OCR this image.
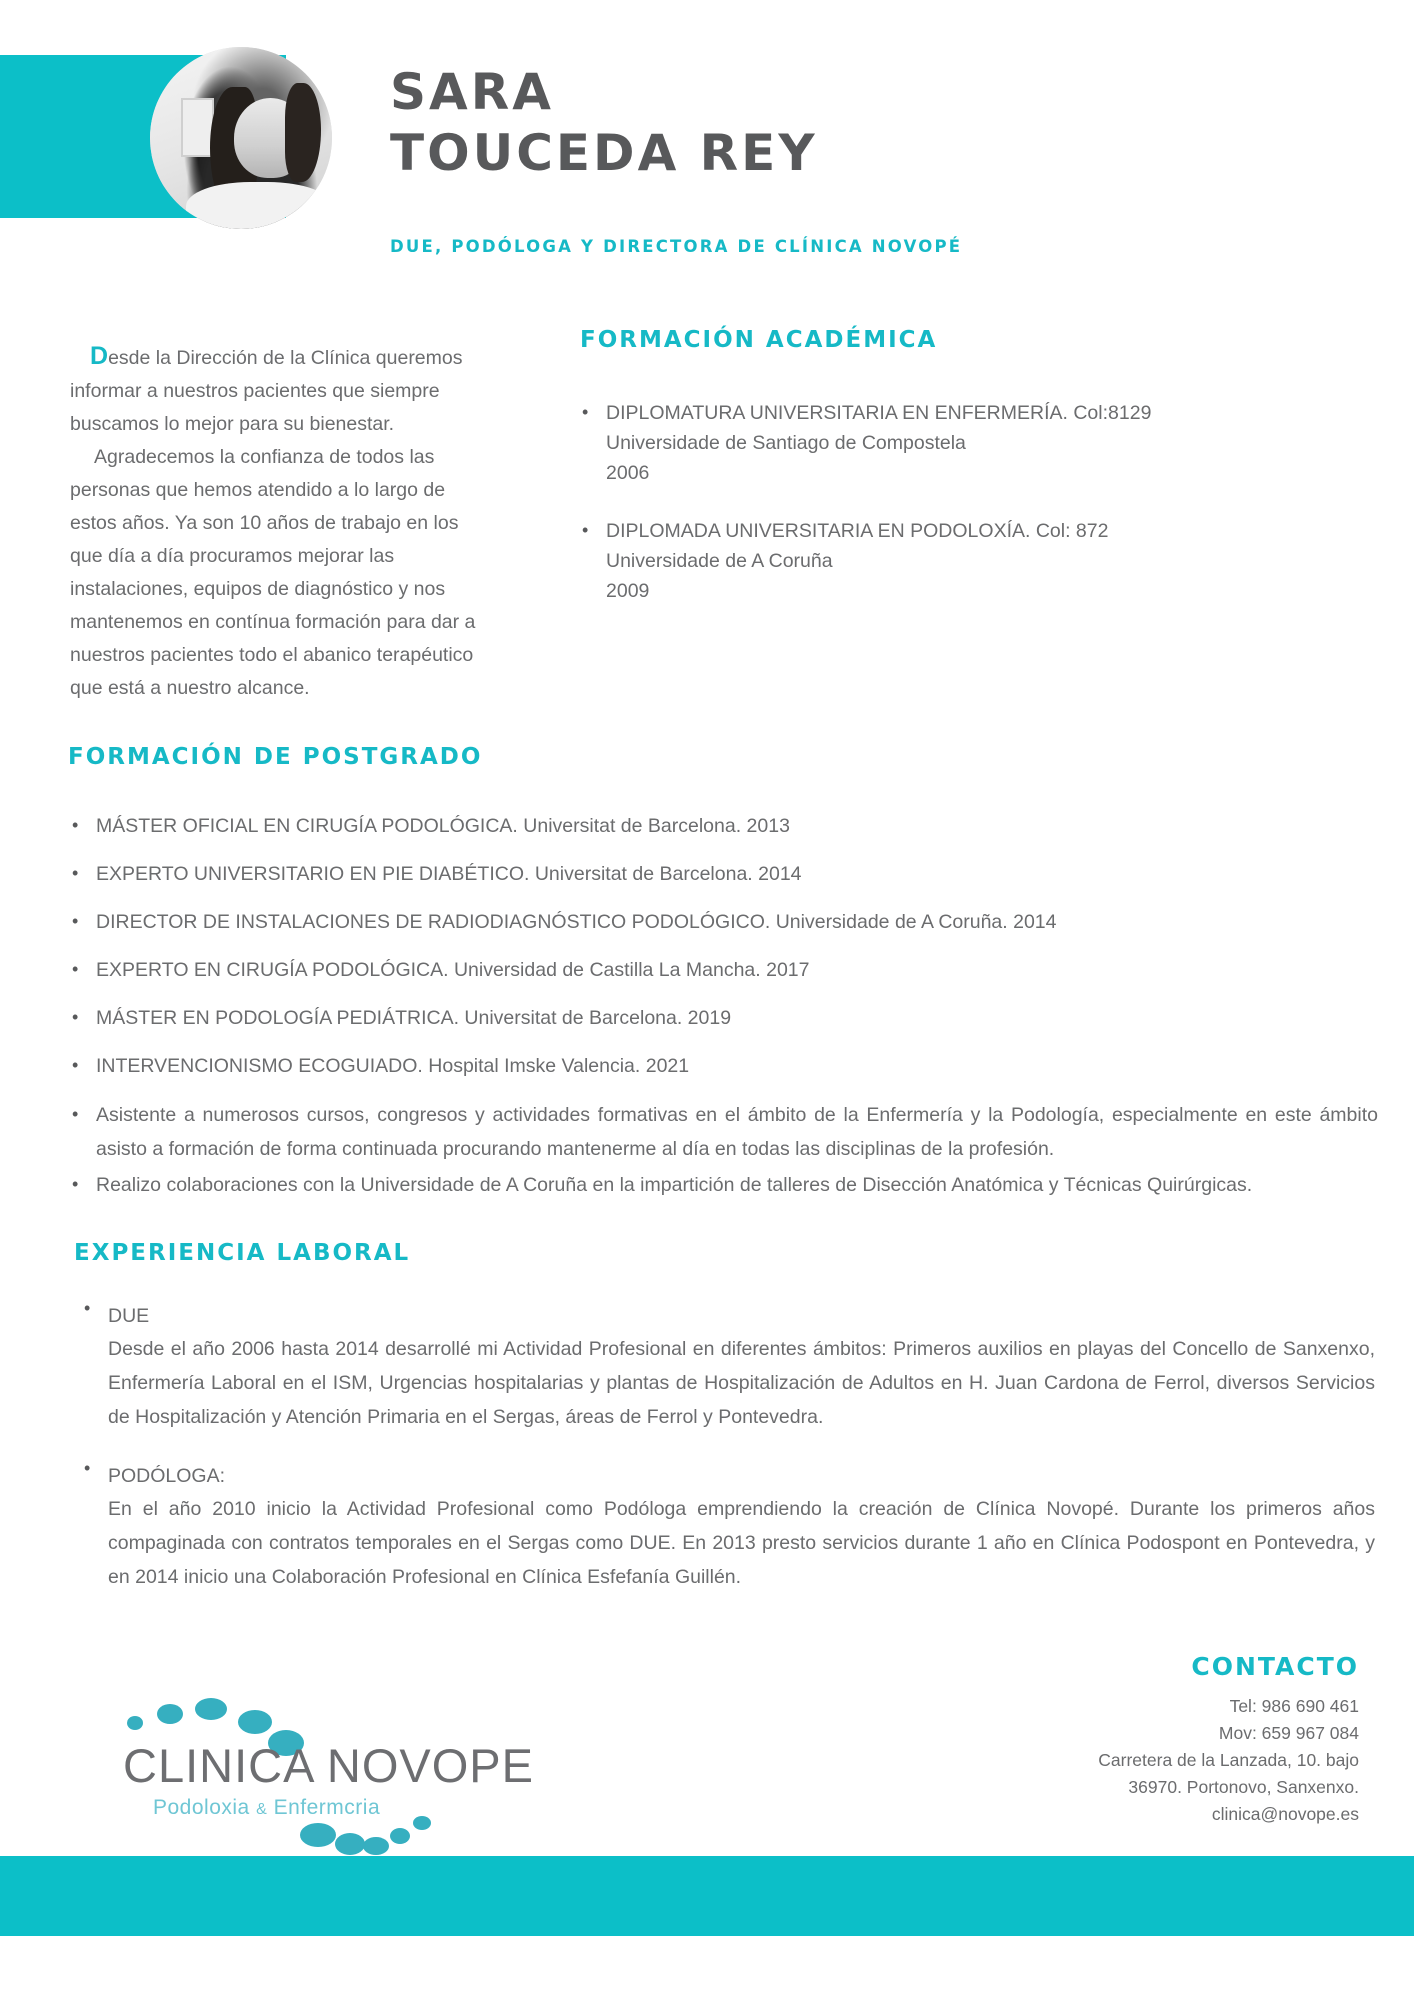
SARA
TOUCEDA REY
DUE, PODÓLOGA Y DIRECTORA DE CLÍNICA NOVOPÉ
Desde la Dirección de la Clínica queremos informar a nuestros pacientes que siempre buscamos lo mejor para su bienestar.
Agradecemos la confianza de todos las personas que hemos atendido a lo largo de estos años. Ya son 10 años de trabajo en los que día a día procuramos mejorar las instalaciones, equipos de diagnóstico y nos mantenemos en contínua formación para dar a nuestros pacientes todo el abanico terapéutico que está a nuestro alcance.
FORMACIÓN ACADÉMICA
• DIPLOMATURA UNIVERSITARIA EN ENFERMERÍA. Col:8129
Universidade de Santiago de Compostela
2006
• DIPLOMADA UNIVERSITARIA EN PODOLOXÍA. Col: 872
Universidade de A Coruña
2009
FORMACIÓN DE POSTGRADO
• MÁSTER OFICIAL EN CIRUGÍA PODOLÓGICA. Universitat de Barcelona. 2013
• EXPERTO UNIVERSITARIO EN PIE DIABÉTICO. Universitat de Barcelona. 2014
• DIRECTOR DE INSTALACIONES DE RADIODIAGNÓSTICO PODOLÓGICO. Universidade de A Coruña. 2014
• EXPERTO EN CIRUGÍA PODOLÓGICA. Universidad de Castilla La Mancha. 2017
• MÁSTER EN PODOLOGÍA PEDIÁTRICA. Universitat de Barcelona. 2019
• INTERVENCIONISMO ECOGUIADO. Hospital Imske Valencia. 2021
• Asistente a numerosos cursos, congresos y actividades formativas en el ámbito de la Enfermería y la Podología, especialmente en este ámbito asisto a formación de forma continuada procurando mantenerme al día en todas las disciplinas de la profesión.
• Realizo colaboraciones con la Universidade de A Coruña en la impartición de talleres de Disección Anatómica y Técnicas Quirúrgicas.
EXPERIENCIA LABORAL
• DUE
Desde el año 2006 hasta 2014 desarrollé mi Actividad Profesional en diferentes ámbitos: Primeros auxilios en playas del Concello de Sanxenxo, Enfermería Laboral en el ISM, Urgencias hospitalarias y plantas de Hospitalización de Adultos en H. Juan Cardona de Ferrol, diversos Servicios de Hospitalización y Atención Primaria en el Sergas, áreas de Ferrol y Pontevedra.
• PODÓLOGA:
En el año 2010 inicio la Actividad Profesional como Podóloga emprendiendo la creación de Clínica Novopé. Durante los primeros años compaginada con contratos temporales en el Sergas como DUE. En 2013 presto servicios durante 1 año en Clínica Podospont en Pontevedra, y en 2014 inicio una Colaboración Profesional en Clínica Esfefanía Guillén.
CLINICA NOVOPE
Podoloxia & Enfermcria
CONTACTO
Tel: 986 690 461
Mov: 659 967 084
Carretera de la Lanzada, 10. bajo
36970. Portonovo, Sanxenxo.
clinica@novope.es
